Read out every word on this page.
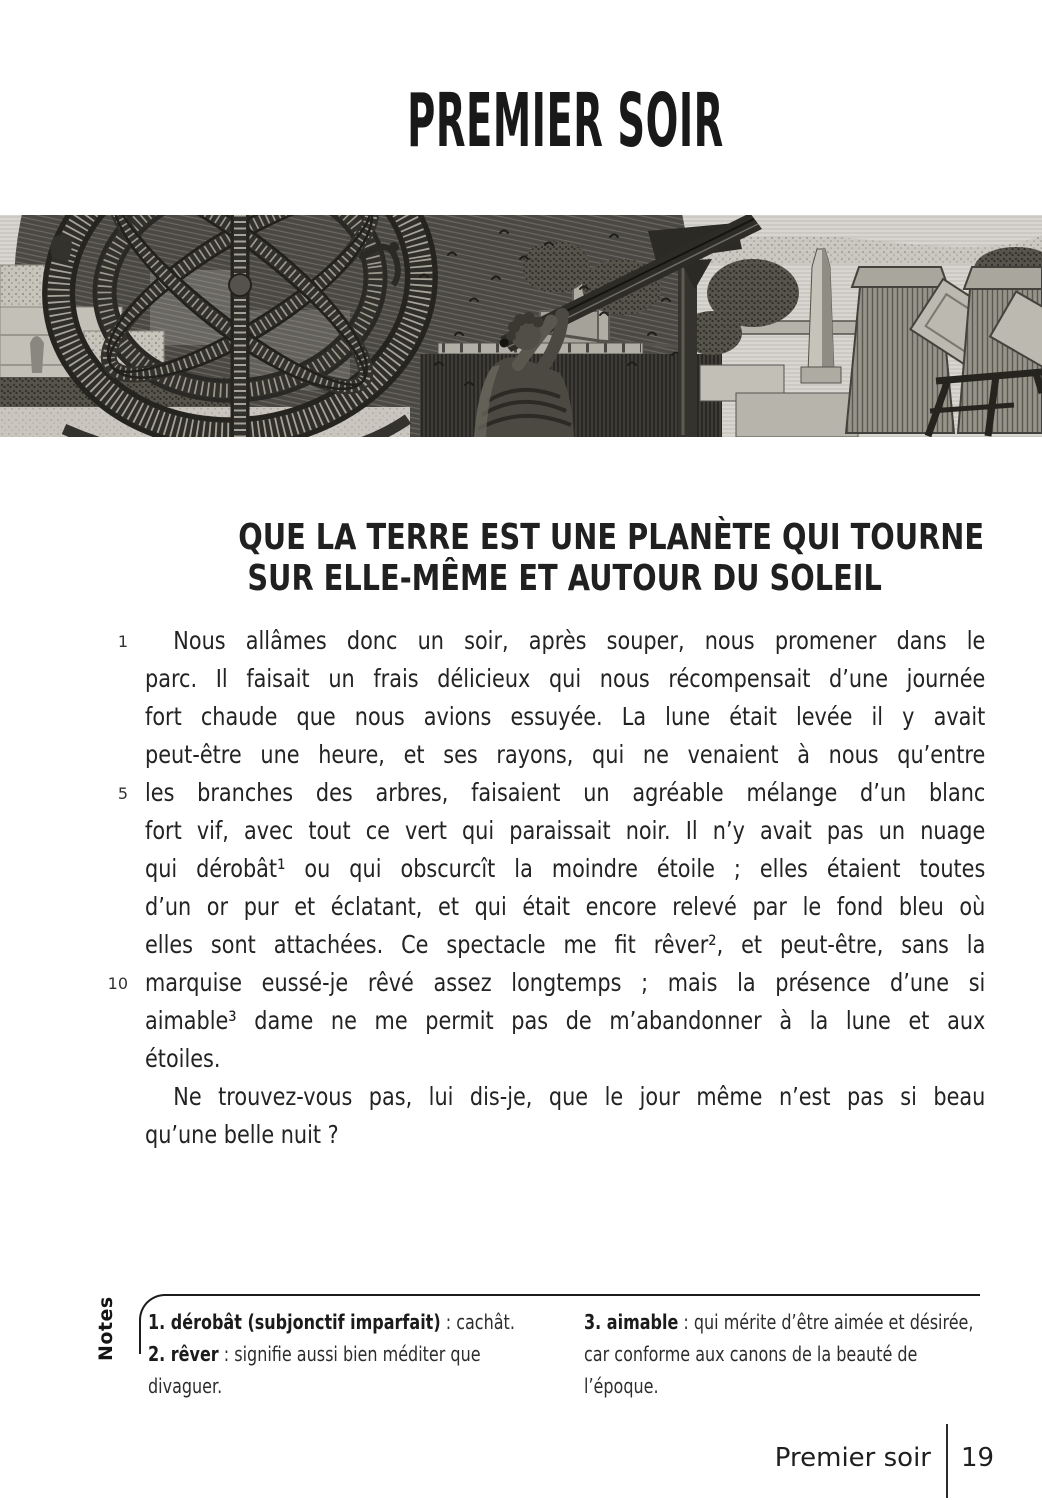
PREMIER SOIR
QUE LA TERRE EST UNE PLANÈTE QUI TOURNE
SUR ELLE-MÊME ET AUTOUR DU SOLEIL
1	Nous allâmes donc un soir, après souper, nous promener dans le
parc. Il faisait un frais délicieux qui nous récompensait d’une journée
fort chaude que nous avions essuyée. La lune était levée il y avait
peut-être une heure, et ses rayons, qui ne venaient à nous qu’entre
5 les branches des arbres, faisaient un agréable mélange d’un blanc
fort vif, avec tout ce vert qui paraissait noir. Il n’y avait pas un nuage
qui dérobât¹ ou qui obscurcît la moindre étoile ; elles étaient toutes
d’un or pur et éclatant, et qui était encore relevé par le fond bleu où
elles sont attachées. Ce spectacle me fit rêver², et peut-être, sans la
10 marquise eussé-je rêvé assez longtemps ; mais la présence d’une si
aimable³ dame ne me permit pas de m’abandonner à la lune et aux
étoiles.
Ne trouvez-vous pas, lui dis-je, que le jour même n’est pas si beau
qu’une belle nuit ?
Notes	1. dérobât (subjonctif imparfait) : cachât.
2. rêver : signifie aussi bien méditer que divaguer.
3. aimable : qui mérite d’être aimée et désirée, car conforme aux canons de la beauté de l’époque.
Premier soir 19
